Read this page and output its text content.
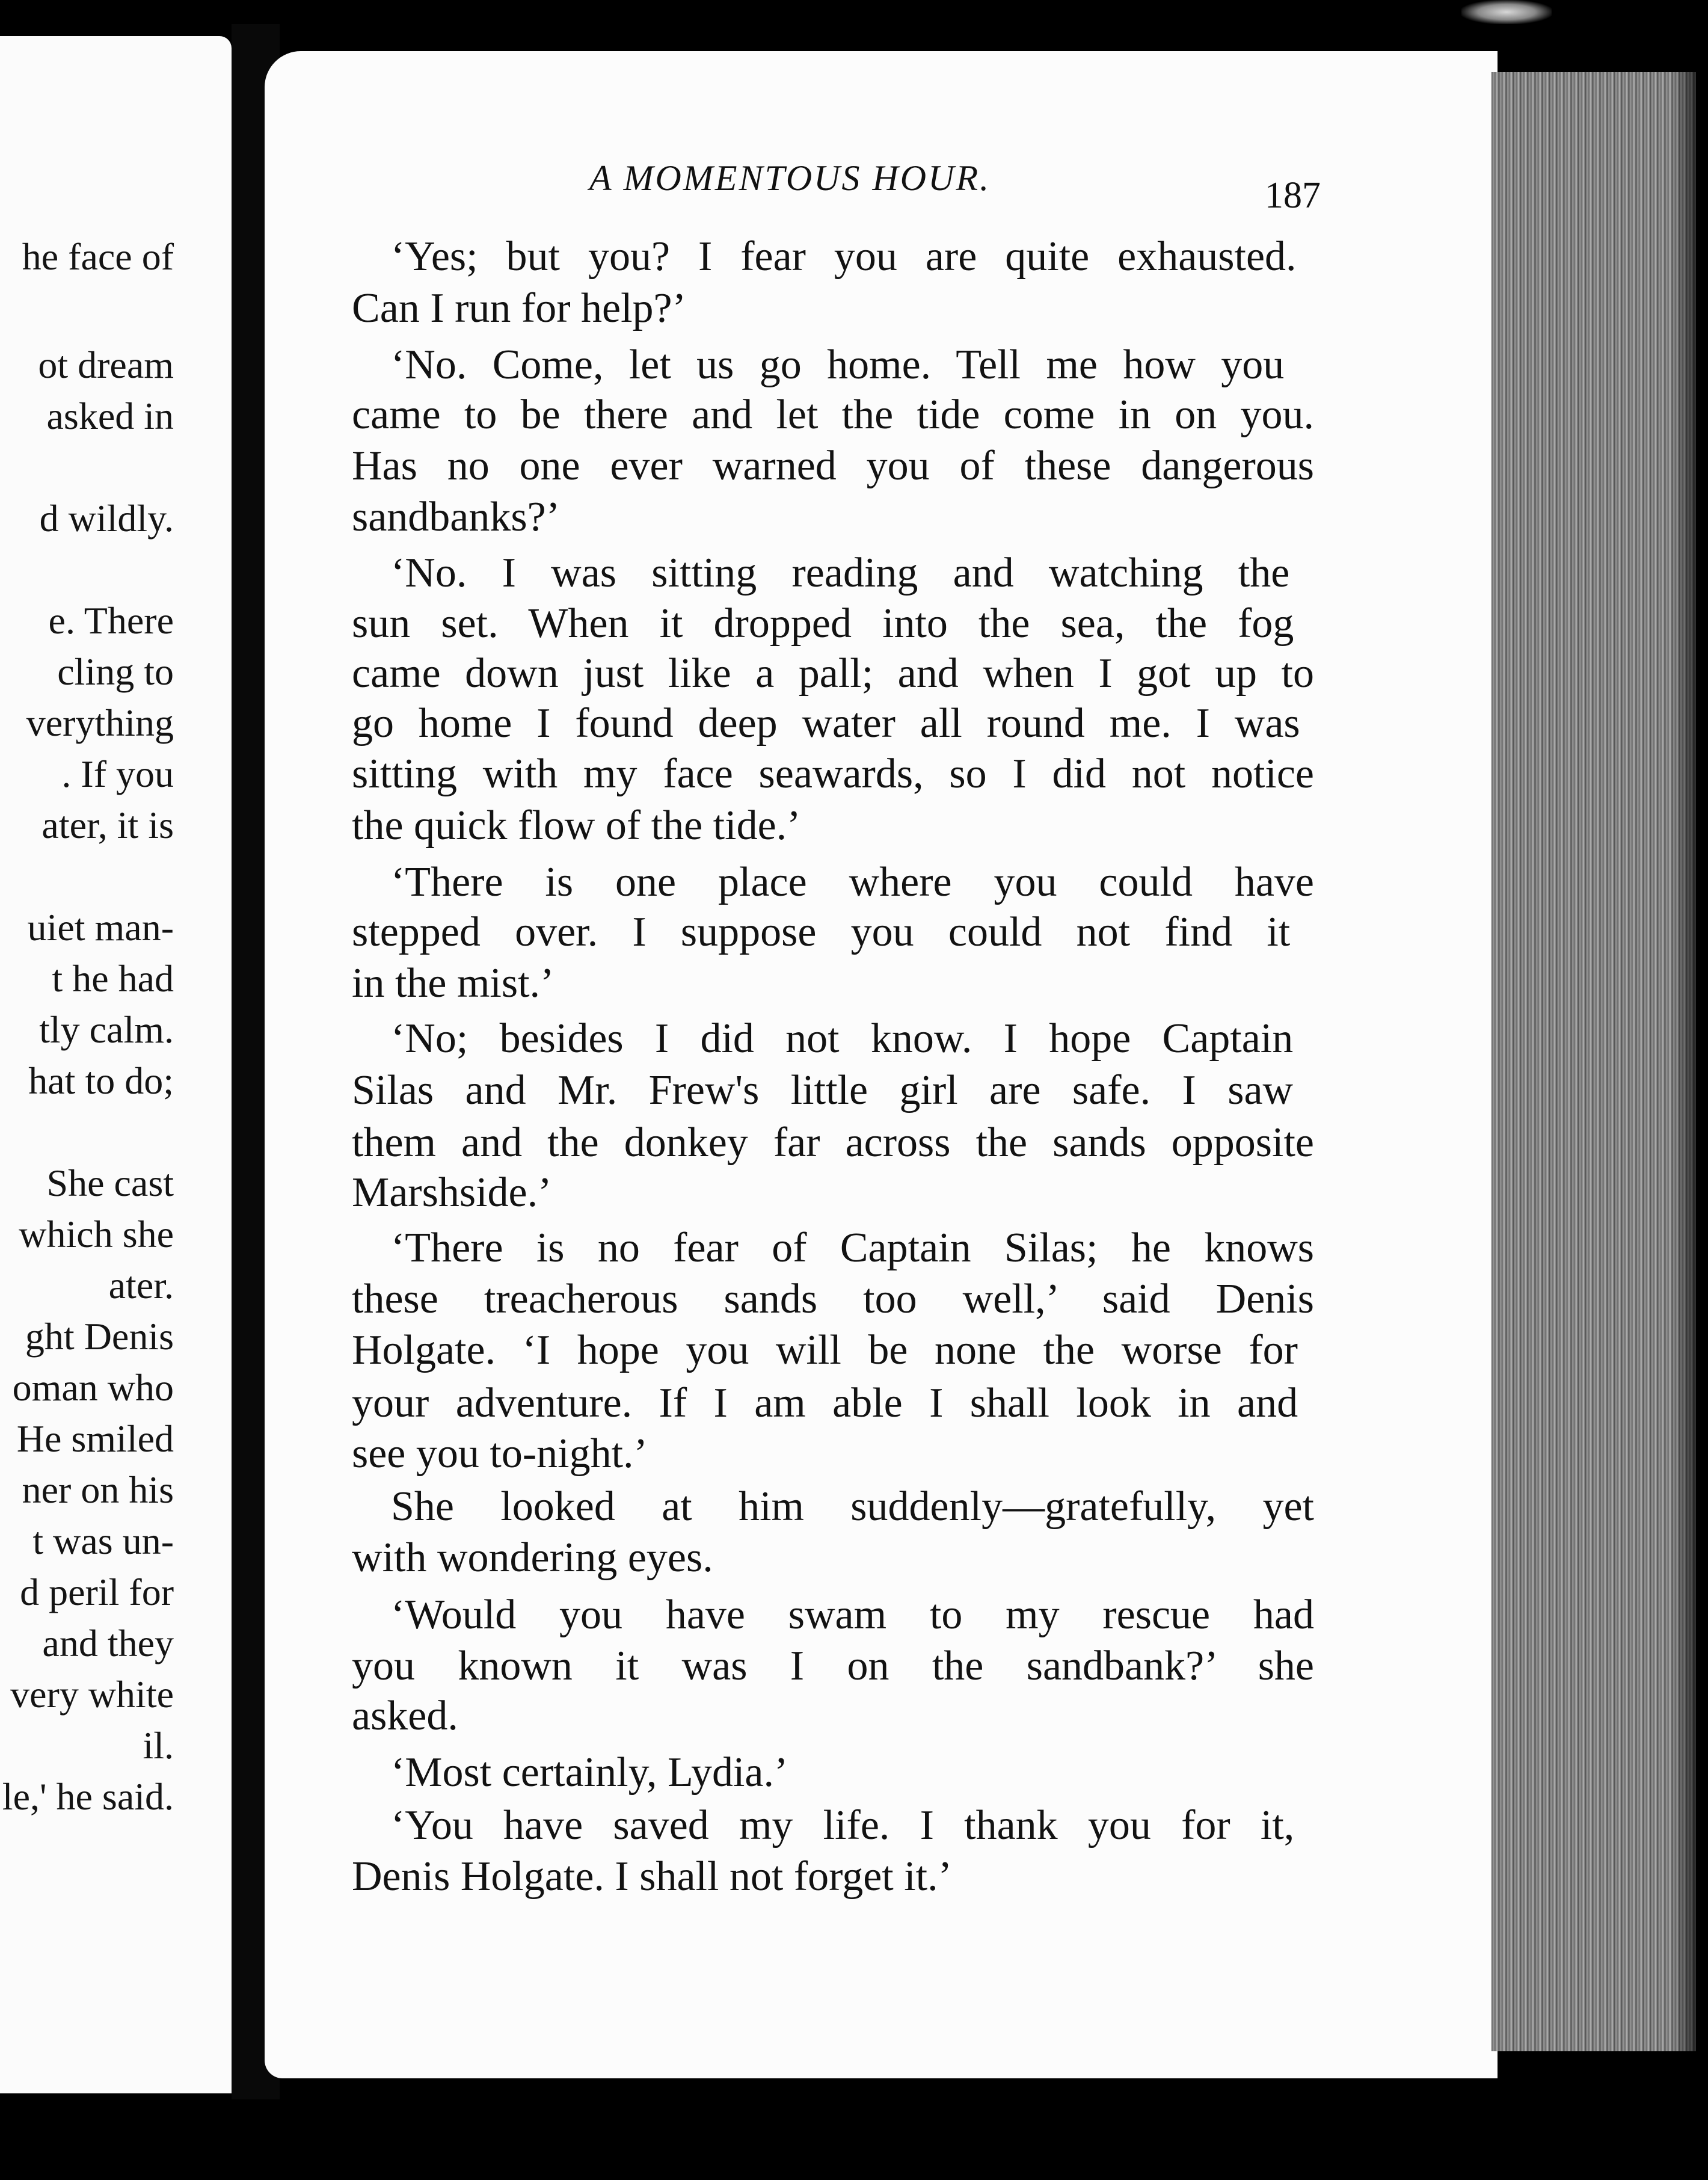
he face of
ot dream
asked in
d wildly.
e. There
cling to
verything
. If you
ater, it is
uiet man-
t he had
tly calm.
hat to do;
She cast
which she
ater.
ght Denis
oman who
He smiled
ner on his
t was un-
d peril for
and they
very white
il.
le,' he said.
A MOMENTOUS HOUR.	187
‘Yes; but you? I fear you are quite exhausted.
Can I run for help?’
‘No. Come, let us go home. Tell me how you
came to be there and let the tide come in on you.
Has no one ever warned you of these dangerous
sandbanks?’
‘No. I was sitting reading and watching the
sun set. When it dropped into the sea, the fog
came down just like a pall; and when I got up to
go home I found deep water all round me. I was
sitting with my face seawards, so I did not notice
the quick flow of the tide.’
‘There is one place where you could have
stepped over. I suppose you could not find it
in the mist.’
‘No; besides I did not know. I hope Captain
Silas and Mr. Frew's little girl are safe. I saw
them and the donkey far across the sands opposite
Marshside.’
‘There is no fear of Captain Silas; he knows
these treacherous sands too well,’ said Denis
Holgate. ‘I hope you will be none the worse for
your adventure. If I am able I shall look in and
see you to-night.’
She looked at him suddenly—gratefully, yet
with wondering eyes.
‘Would you have swam to my rescue had
you known it was I on the sandbank?’ she
asked.
‘Most certainly, Lydia.’
‘You have saved my life. I thank you for it,
Denis Holgate. I shall not forget it.’
